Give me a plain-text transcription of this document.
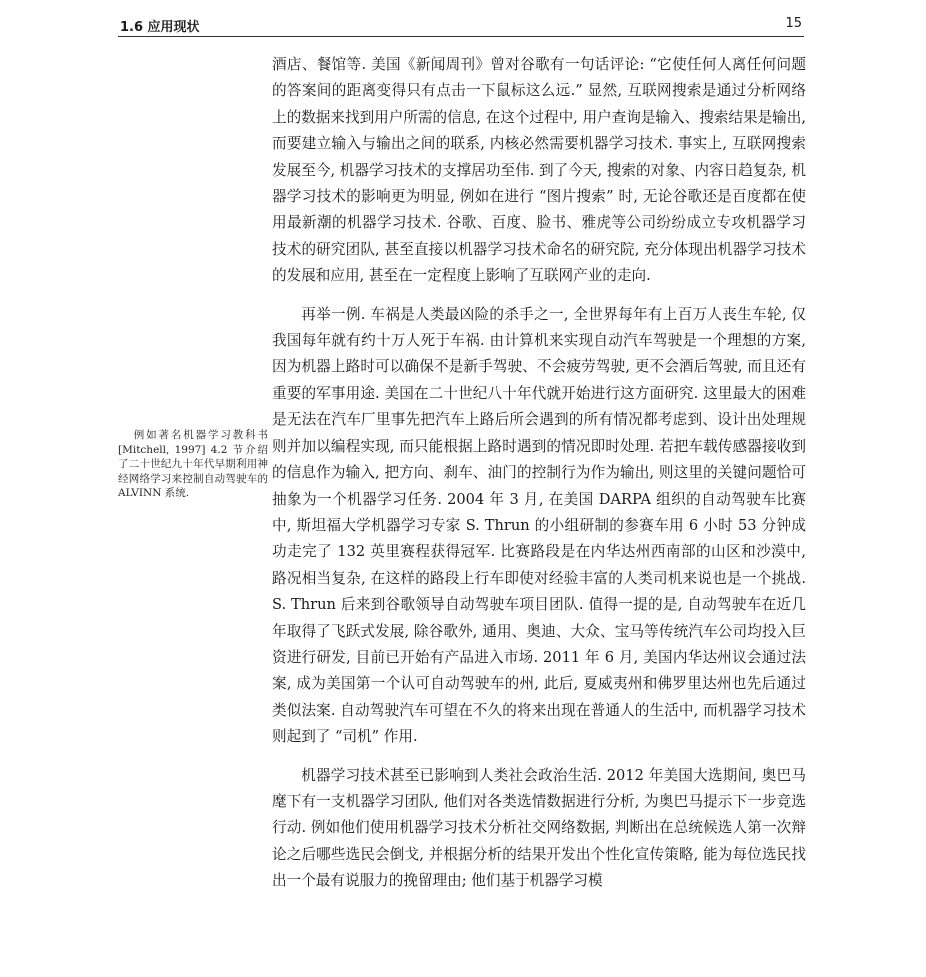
1.6 应用现状	15
例如著名机器学习教科书 [Mitchell, 1997] 4.2 节介绍了二十世纪九十年代早期利用神经网络学习来控制自动驾驶车的 ALVINN 系统.

酒店、餐馆等. 美国《新闻周刊》曾对谷歌有一句话评论: “它使任何人离任何问题的答案间的距离变得只有点击一下鼠标这么远.” 显然, 互联网搜索是通过分析网络上的数据来找到用户所需的信息, 在这个过程中, 用户查询是输入、搜索结果是输出, 而要建立输入与输出之间的联系, 内核必然需要机器学习技术. 事实上, 互联网搜索发展至今, 机器学习技术的支撑居功至伟. 到了今天, 搜索的对象、内容日趋复杂, 机器学习技术的影响更为明显, 例如在进行 “图片搜索” 时, 无论谷歌还是百度都在使用最新潮的机器学习技术. 谷歌、百度、脸书、雅虎等公司纷纷成立专攻机器学习技术的研究团队, 甚至直接以机器学习技术命名的研究院, 充分体现出机器学习技术的发展和应用, 甚至在一定程度上影响了互联网产业的走向.

再举一例. 车祸是人类最凶险的杀手之一, 全世界每年有上百万人丧生车轮, 仅我国每年就有约十万人死于车祸. 由计算机来实现自动汽车驾驶是一个理想的方案, 因为机器上路时可以确保不是新手驾驶、不会疲劳驾驶, 更不会酒后驾驶, 而且还有重要的军事用途. 美国在二十世纪八十年代就开始进行这方面研究. 这里最大的困难是无法在汽车厂里事先把汽车上路后所会遇到的所有情况都考虑到、设计出处理规则并加以编程实现, 而只能根据上路时遇到的情况即时处理. 若把车载传感器接收到的信息作为输入, 把方向、刹车、油门的控制行为作为输出, 则这里的关键问题恰可抽象为一个机器学习任务. 2004 年 3 月, 在美国 DARPA 组织的自动驾驶车比赛中, 斯坦福大学机器学习专家 S. Thrun 的小组研制的参赛车用 6 小时 53 分钟成功走完了 132 英里赛程获得冠军. 比赛路段是在内华达州西南部的山区和沙漠中, 路况相当复杂, 在这样的路段上行车即使对经验丰富的人类司机来说也是一个挑战. S. Thrun 后来到谷歌领导自动驾驶车项目团队. 值得一提的是, 自动驾驶车在近几年取得了飞跃式发展, 除谷歌外, 通用、奥迪、大众、宝马等传统汽车公司均投入巨资进行研发, 目前已开始有产品进入市场. 2011 年 6 月, 美国内华达州议会通过法案, 成为美国第一个认可自动驾驶车的州, 此后, 夏威夷州和佛罗里达州也先后通过类似法案. 自动驾驶汽车可望在不久的将来出现在普通人的生活中, 而机器学习技术则起到了 “司机” 作用.

机器学习技术甚至已影响到人类社会政治生活. 2012 年美国大选期间, 奥巴马麾下有一支机器学习团队, 他们对各类选情数据进行分析, 为奥巴马提示下一步竞选行动. 例如他们使用机器学习技术分析社交网络数据, 判断出在总统候选人第一次辩论之后哪些选民会倒戈, 并根据分析的结果开发出个性化宣传策略, 能为每位选民找出一个最有说服力的挽留理由; 他们基于机器学习模
